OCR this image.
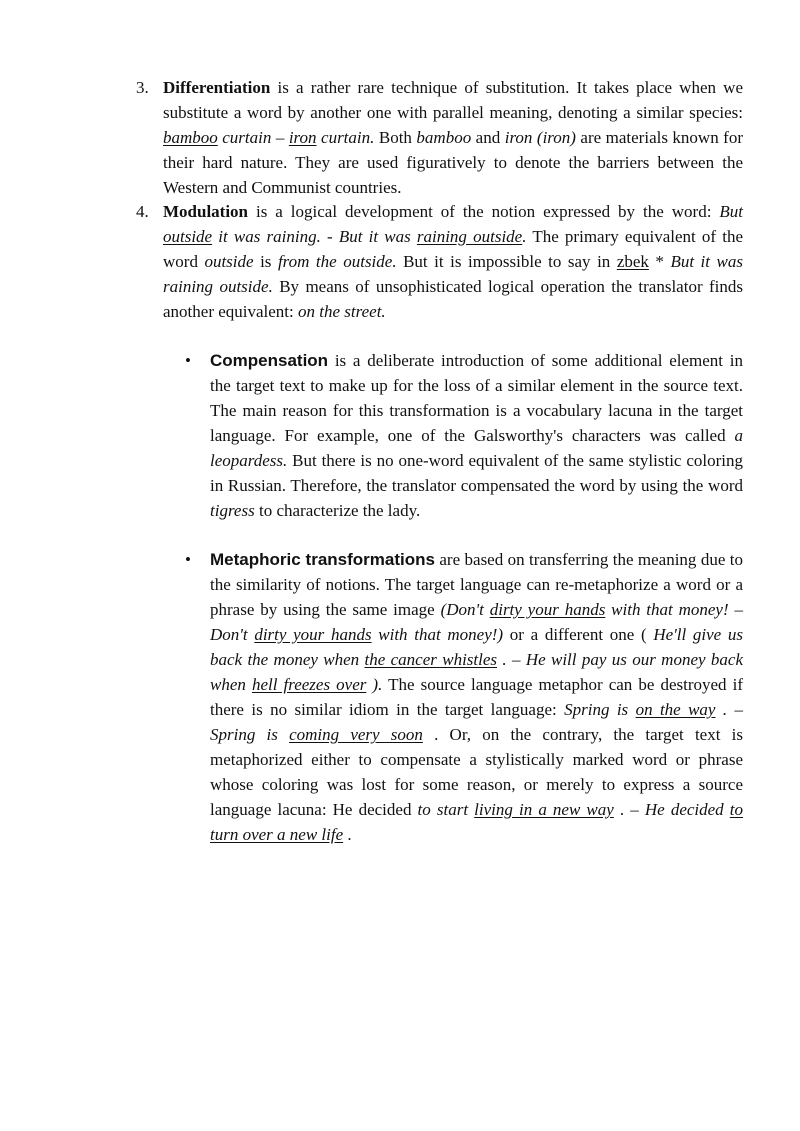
3. Differentiation is a rather rare technique of substitution. It takes place when we substitute a word by another one with parallel meaning, denoting a similar species: bamboo curtain – iron curtain. Both bamboo and iron (iron) are materials known for their hard nature. They are used figuratively to denote the barriers between the Western and Communist countries.
4. Modulation is a logical development of the notion expressed by the word: But outside it was raining. - But it was raining outside. The primary equivalent of the word outside is from the outside. But it is impossible to say in zbek * But it was raining outside. By means of unsophisticated logical operation the translator finds another equivalent: on the street.
• Compensation is a deliberate introduction of some additional element in the target text to make up for the loss of a similar element in the source text. The main reason for this transformation is a vocabulary lacuna in the target language. For example, one of the Galsworthy's characters was called a leopardess. But there is no one-word equivalent of the same stylistic coloring in Russian. Therefore, the translator compensated the word by using the word tigress to characterize the lady.
• Metaphoric transformations are based on transferring the meaning due to the similarity of notions. The target language can re-metaphorize a word or a phrase by using the same image (Don't dirty your hands with that money! – Don't dirty your hands with that money!) or a different one ( He'll give us back the money when the cancer whistles . – He will pay us our money back when hell freezes over ). The source language metaphor can be destroyed if there is no similar idiom in the target language: Spring is on the way . – Spring is coming very soon . Or, on the contrary, the target text is metaphorized either to compensate a stylistically marked word or phrase whose coloring was lost for some reason, or merely to express a source language lacuna: He decided to start living in a new way . – He decided to turn over a new life .
